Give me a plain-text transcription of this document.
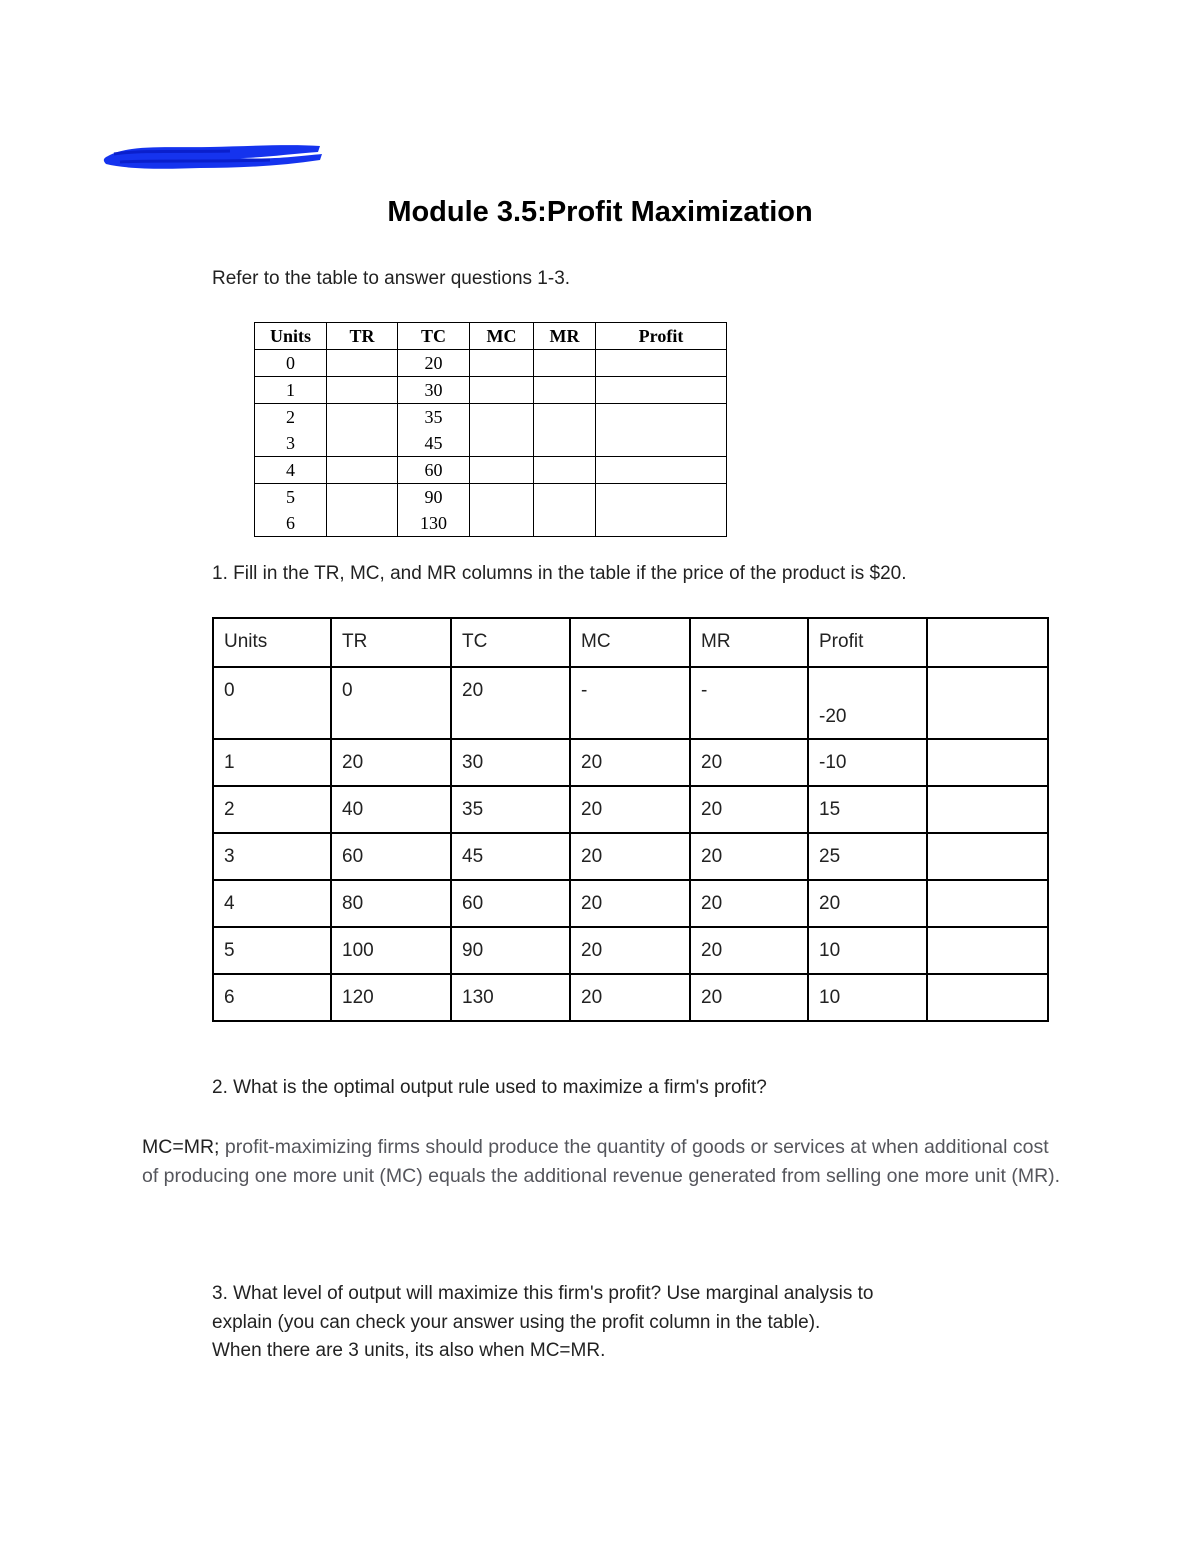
Module 3.5:Profit Maximization
Refer to the table to answer questions 1-3.
Units	TR	TC	MC	MR	Profit
0		20			
1		30			
2		35			
3		45			
4		60			
5		90			
6		130			
1. Fill in the TR, MC, and MR columns in the table if the price of the product is $20.
Units	TR	TC	MC	MR	Profit	
0	0	20	-	-	-20	
1	20	30	20	20	-10	
2	40	35	20	20	15	
3	60	45	20	20	25	
4	80	60	20	20	20	
5	100	90	20	20	10	
6	120	130	20	20	10	
2. What is the optimal output rule used to maximize a firm's profit?
MC=MR; profit-maximizing firms should produce the quantity of goods or services at when additional cost of producing one more unit (MC) equals the additional revenue generated from selling one more unit (MR).
3. What level of output will maximize this firm's profit? Use marginal analysis to
explain (you can check your answer using the profit column in the table).
When there are 3 units, its also when MC=MR.
